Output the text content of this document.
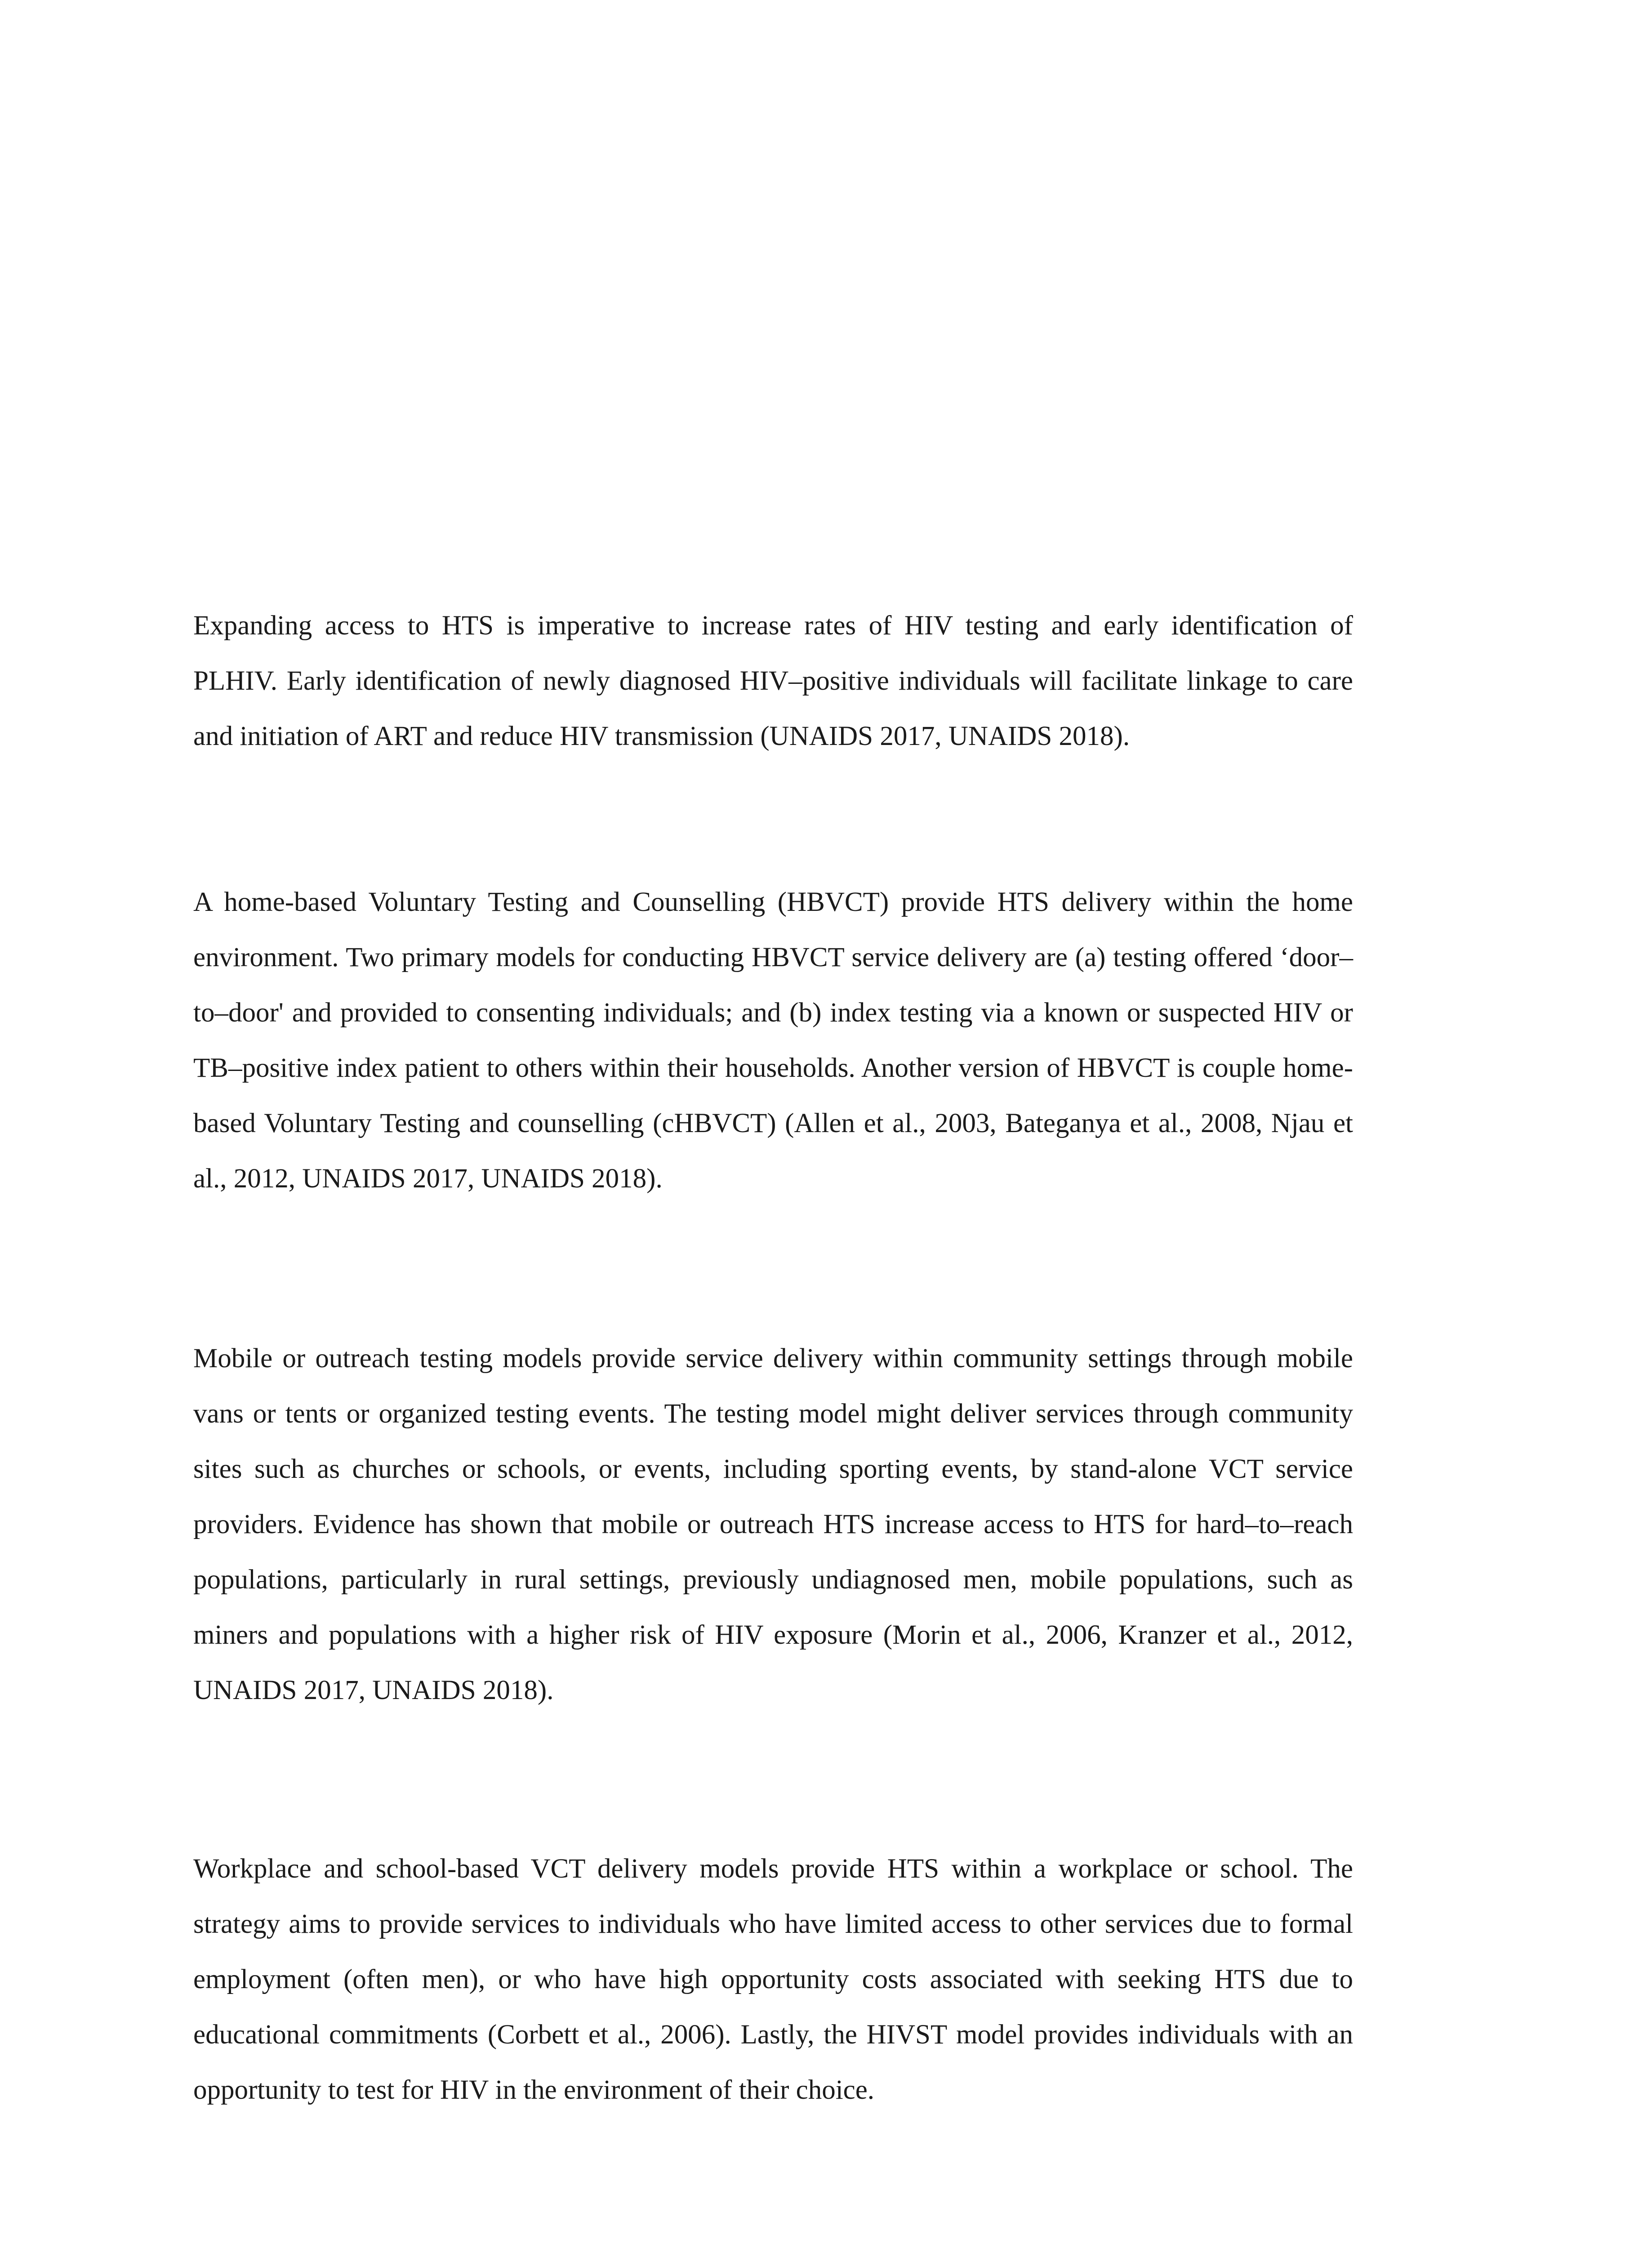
Expanding access to HTS is imperative to increase rates of HIV testing and early identification of PLHIV. Early identification of newly diagnosed HIV–positive individuals will facilitate linkage to care and initiation of ART and reduce HIV transmission (UNAIDS 2017, UNAIDS 2018).

A home-based Voluntary Testing and Counselling (HBVCT) provide HTS delivery within the home environment. Two primary models for conducting HBVCT service delivery are (a) testing offered ‘door–to–door' and provided to consenting individuals; and (b) index testing via a known or suspected HIV or TB–positive index patient to others within their households. Another version of HBVCT is couple home-based Voluntary Testing and counselling (cHBVCT) (Allen et al., 2003, Bateganya et al., 2008, Njau et al., 2012, UNAIDS 2017, UNAIDS 2018).

Mobile or outreach testing models provide service delivery within community settings through mobile vans or tents or organized testing events. The testing model might deliver services through community sites such as churches or schools, or events, including sporting events, by stand-alone VCT service providers. Evidence has shown that mobile or outreach HTS increase access to HTS for hard–to–reach populations, particularly in rural settings, previously undiagnosed men, mobile populations, such as miners and populations with a higher risk of HIV exposure (Morin et al., 2006, Kranzer et al., 2012, UNAIDS 2017, UNAIDS 2018).

Workplace and school-based VCT delivery models provide HTS within a workplace or school. The strategy aims to provide services to individuals who have limited access to other services due to formal employment (often men), or who have high opportunity costs associated with seeking HTS due to educational commitments (Corbett et al., 2006). Lastly, the HIVST model provides individuals with an opportunity to test for HIV in the environment of their choice.
